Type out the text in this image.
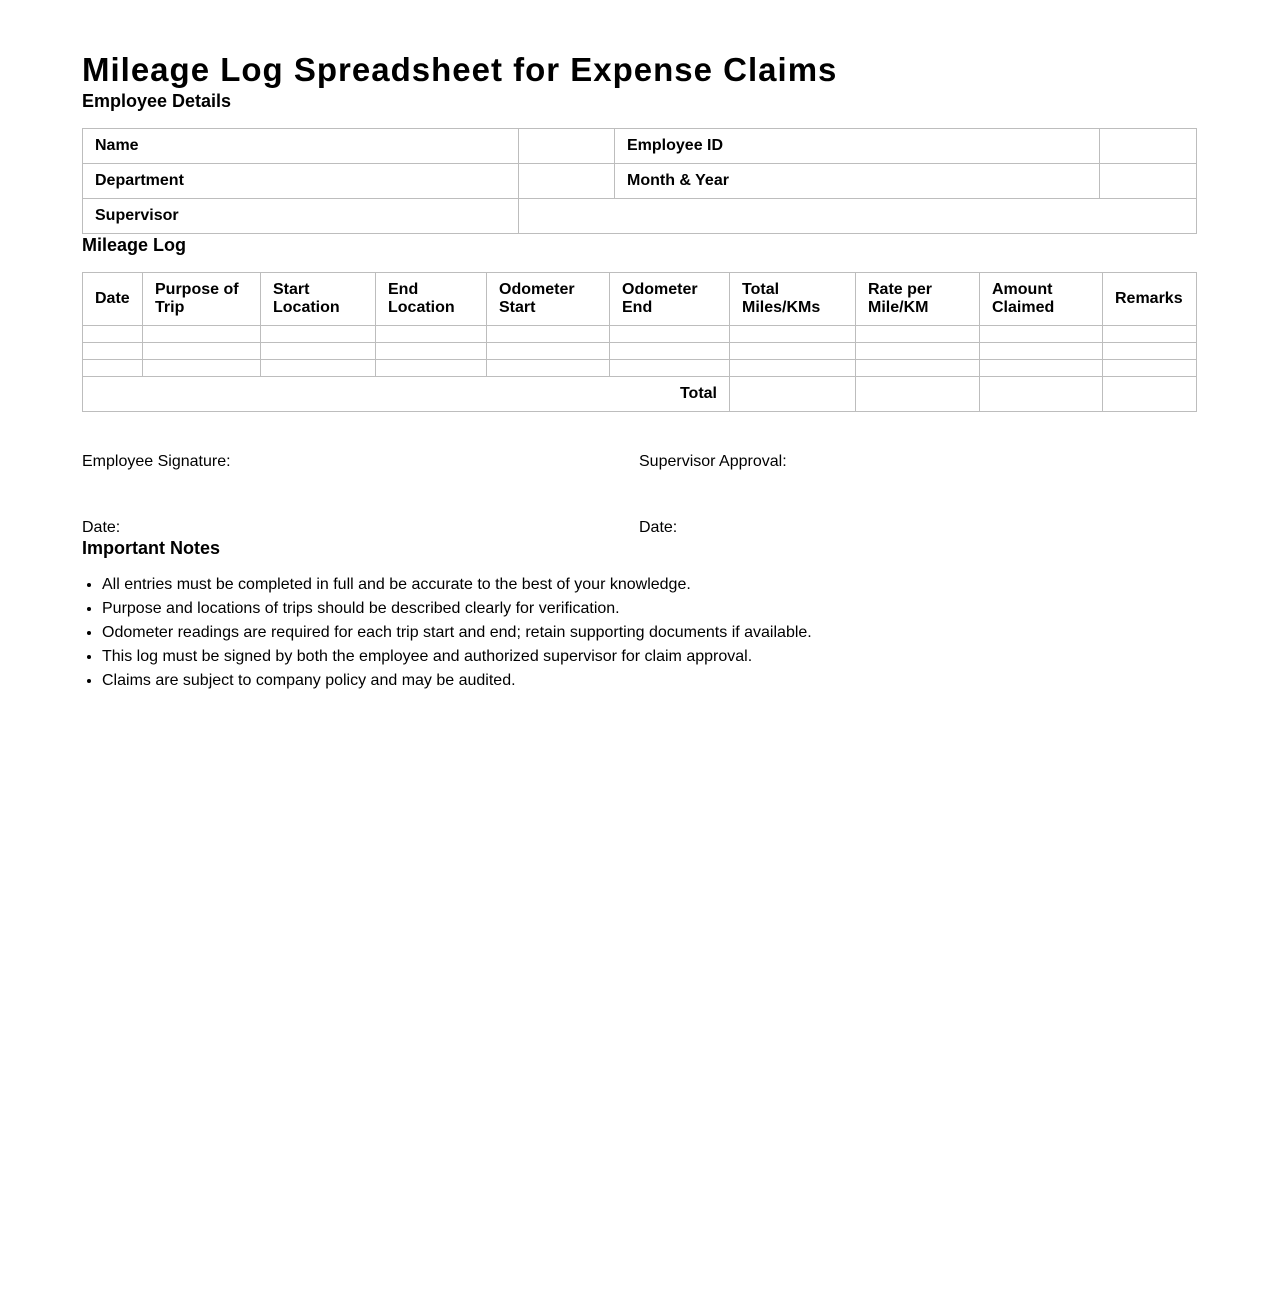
Mileage Log Spreadsheet for Expense Claims
Employee Details
Name		Employee ID	
Department		Month & Year	
Supervisor			
Mileage Log
Date	Purpose of Trip	Start Location	End Location	Odometer Start	Odometer End	Total Miles/KMs	Rate per Mile/KM	Amount Claimed	Remarks

Total									
Employee Signature:	Supervisor Approval:
Date:	Date:
Important Notes
• All entries must be completed in full and be accurate to the best of your knowledge.
• Purpose and locations of trips should be described clearly for verification.
• Odometer readings are required for each trip start and end; retain supporting documents if available.
• This log must be signed by both the employee and authorized supervisor for claim approval.
• Claims are subject to company policy and may be audited.
